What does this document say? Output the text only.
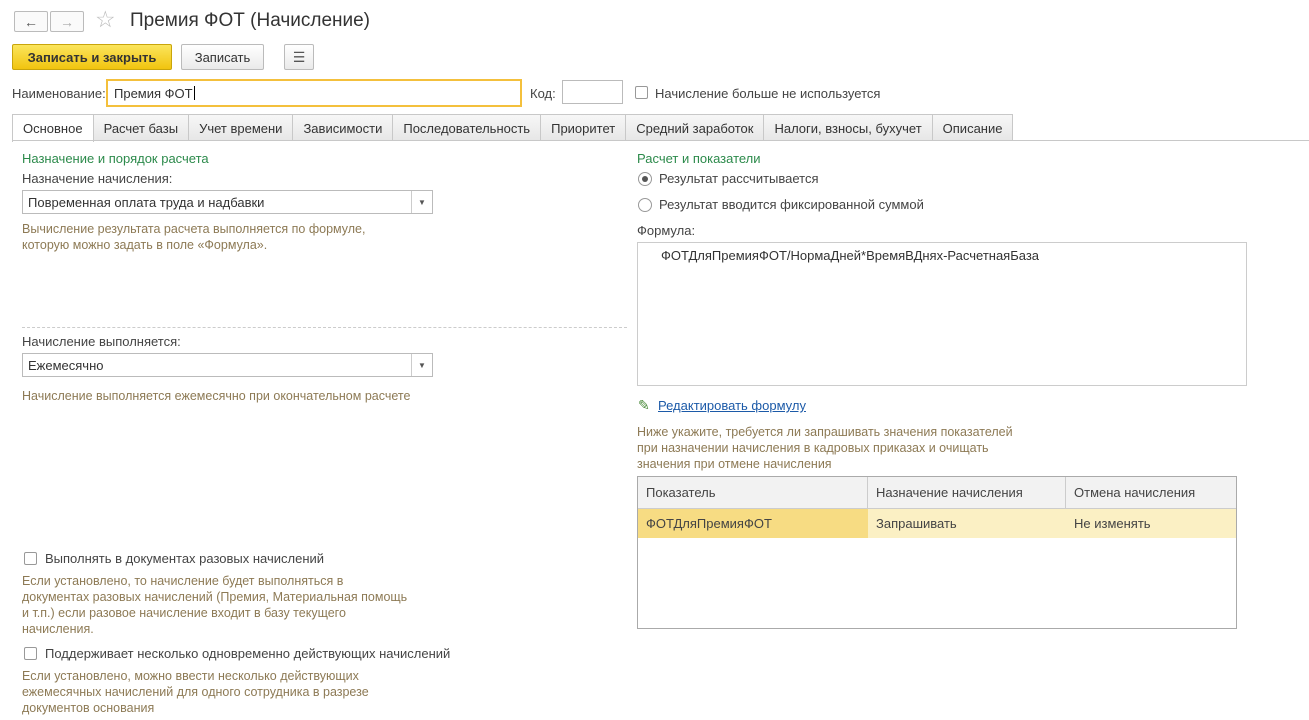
← → ☆ Премия ФОТ (Начисление)
Записать и закрыть	Записать	☰
Наименование: Премия ФОТ	Код:	Начисление больше не используется
Основное	Расчет базы	Учет времени	Зависимости	Последовательность	Приоритет	Средний заработок	Налоги, взносы, бухучет	Описание
Назначение и порядок расчета
Назначение начисления:
Повременная оплата труда и надбавки	▼
Вычисление результата расчета выполняется по формуле,
которую можно задать в поле «Формула».
Начисление выполняется:
Ежемесячно	▼
Начисление выполняется ежемесячно при окончательном расчете
Выполнять в документах разовых начислений
Если установлено, то начисление будет выполняться в
документах разовых начислений (Премия, Материальная помощь
и т.п.) если разовое начисление входит в базу текущего
начисления.
Поддерживает несколько одновременно действующих начислений
Если установлено, можно ввести несколько действующих
ежемесячных начислений для одного сотрудника в разрезе
документов основания
Расчет и показатели
Результат рассчитывается
Результат вводится фиксированной суммой
Формула:
ФОТДляПремияФОТ/НормаДней*ВремяВДнях-РасчетнаяБаза
✎ Редактировать формулу
Ниже укажите, требуется ли запрашивать значения показателей
при назначении начисления в кадровых приказах и очищать
значения при отмене начисления
Показатель	Назначение начисления	Отмена начисления
ФОТДляПремияФОТ	Запрашивать	Не изменять
